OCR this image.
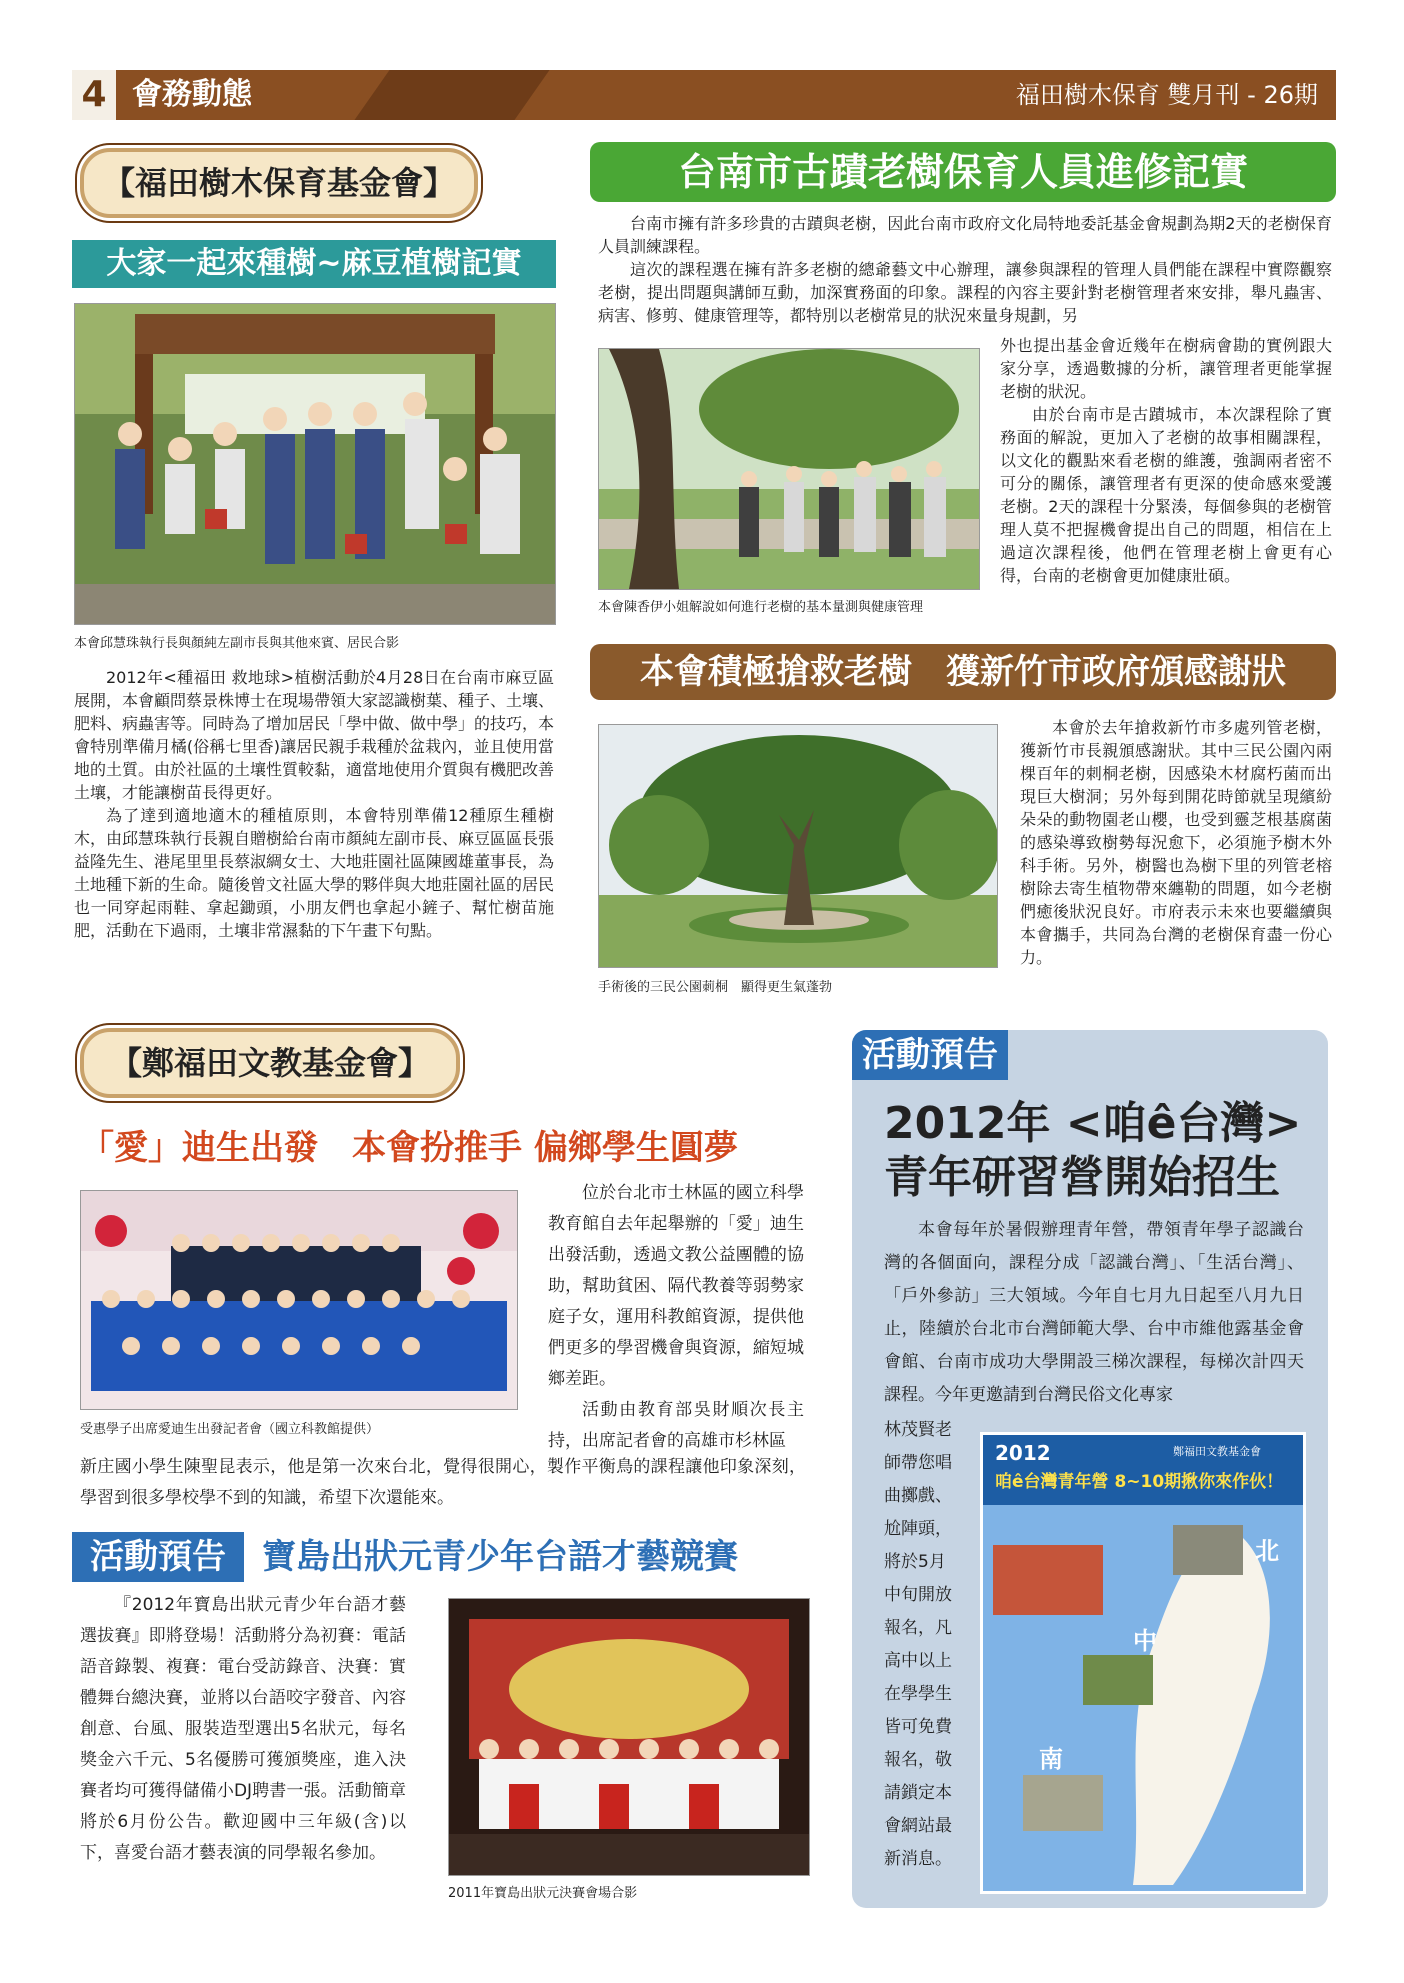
4 會務動態	福田樹木保育 雙月刊 - 26期
【福田樹木保育基金會】
大家一起來種樹~麻豆植樹記實
本會邱慧珠執行長與顏純左副市長與其他來賓、居民合影

2012年<種福田 救地球>植樹活動於4月28日在台南市麻豆區展開，本會顧問蔡景株博士在現場帶領大家認識樹葉、種子、土壤、肥料、病蟲害等。同時為了增加居民「學中做、做中學」的技巧，本會特別準備月橘(俗稱七里香)讓居民親手栽種於盆栽內，並且使用當地的土質。由於社區的土壤性質較黏，適當地使用介質與有機肥改善土壤，才能讓樹苗長得更好。

為了達到適地適木的種植原則，本會特別準備12種原生種樹木，由邱慧珠執行長親自贈樹給台南市顏純左副市長、麻豆區區長張益隆先生、港尾里里長蔡淑綢女士、大地莊園社區陳國雄董事長，為土地種下新的生命。隨後曾文社區大學的夥伴與大地莊園社區的居民也一同穿起雨鞋、拿起鋤頭，小朋友們也拿起小鏟子、幫忙樹苗施肥，活動在下過雨，土壤非常濕黏的下午畫下句點。

台南市古蹟老樹保育人員進修記實

台南市擁有許多珍貴的古蹟與老樹，因此台南市政府文化局特地委託基金會規劃為期2天的老樹保育人員訓練課程。

這次的課程選在擁有許多老樹的總爺藝文中心辦理，讓參與課程的管理人員們能在課程中實際觀察老樹，提出問題與講師互動，加深實務面的印象。課程的內容主要針對老樹管理者來安排，舉凡蟲害、病害、修剪、健康管理等，都特別以老樹常見的狀況來量身規劃，另

本會陳香伊小姐解說如何進行老樹的基本量測與健康管理

外也提出基金會近幾年在樹病會勘的實例跟大家分享，透過數據的分析，讓管理者更能掌握老樹的狀況。

由於台南市是古蹟城市，本次課程除了實務面的解說，更加入了老樹的故事相關課程，以文化的觀點來看老樹的維護，強調兩者密不可分的關係，讓管理者有更深的使命感來愛護老樹。2天的課程十分緊湊，每個參與的老樹管理人莫不把握機會提出自己的問題，相信在上過這次課程後，他們在管理老樹上會更有心得，台南的老樹會更加健康壯碩。

本會積極搶救老樹　獲新竹市政府頒感謝狀
手術後的三民公園莿桐　顯得更生氣蓬勃

本會於去年搶救新竹市多處列管老樹，獲新竹市長親頒感謝狀。其中三民公園內兩棵百年的刺桐老樹，因感染木材腐朽菌而出現巨大樹洞；另外每到開花時節就呈現繽紛朵朵的動物園老山櫻，也受到靈芝根基腐菌的感染導致樹勢每況愈下，必須施予樹木外科手術。另外，樹醫也為樹下里的列管老榕樹除去寄生植物帶來纏勒的問題，如今老樹們癒後狀況良好。市府表示未來也要繼續與本會攜手，共同為台灣的老樹保育盡一份心力。

【鄭福田文教基金會】
「愛」迪生出發　本會扮推手 偏鄉學生圓夢
受惠學子出席愛迪生出發記者會（國立科教館提供）

位於台北市士林區的國立科學教育館自去年起舉辦的「愛」迪生出發活動，透過文教公益團體的協助，幫助貧困、隔代教養等弱勢家庭子女，運用科教館資源，提供他們更多的學習機會與資源，縮短城鄉差距。

活動由教育部吳財順次長主持，出席記者會的高雄市杉林區

新庄國小學生陳聖昆表示，他是第一次來台北，覺得很開心，製作平衡鳥的課程讓他印象深刻，學習到很多學校學不到的知識，希望下次還能來。
活動預告	寶島出狀元青少年台語才藝競賽

『2012年寶島出狀元青少年台語才藝選拔賽』即將登場！活動將分為初賽：電話語音錄製、複賽：電台受訪錄音、決賽：實體舞台總決賽，並將以台語咬字發音、內容創意、台風、服裝造型選出5名狀元，每名獎金六千元、5名優勝可獲頒獎座，進入決賽者均可獲得儲備小DJ聘書一張。活動簡章將於6月份公告。歡迎國中三年級(含)以下，喜愛台語才藝表演的同學報名參加。

2011年寶島出狀元決賽會場合影
活動預告
2012年 <咱ê台灣>
青年研習營開始招生

本會每年於暑假辦理青年營，帶領青年學子認識台灣的各個面向，課程分成「認識台灣」、「生活台灣」、「戶外參訪」三大領域。今年自七月九日起至八月九日止，陸續於台北市台灣師範大學、台中市維他露基金會會館、台南市成功大學開設三梯次課程，每梯次計四天課程。今年更邀請到台灣民俗文化專家

林茂賢老師帶您唱曲擲戲、尬陣頭，將於5月中旬開放報名，凡高中以上在學學生皆可免費報名，敬請鎖定本會網站最新消息。
2012	鄭福田文教基金會
咱ê台灣青年營 8~10期揪你來作伙！
北
中
南
